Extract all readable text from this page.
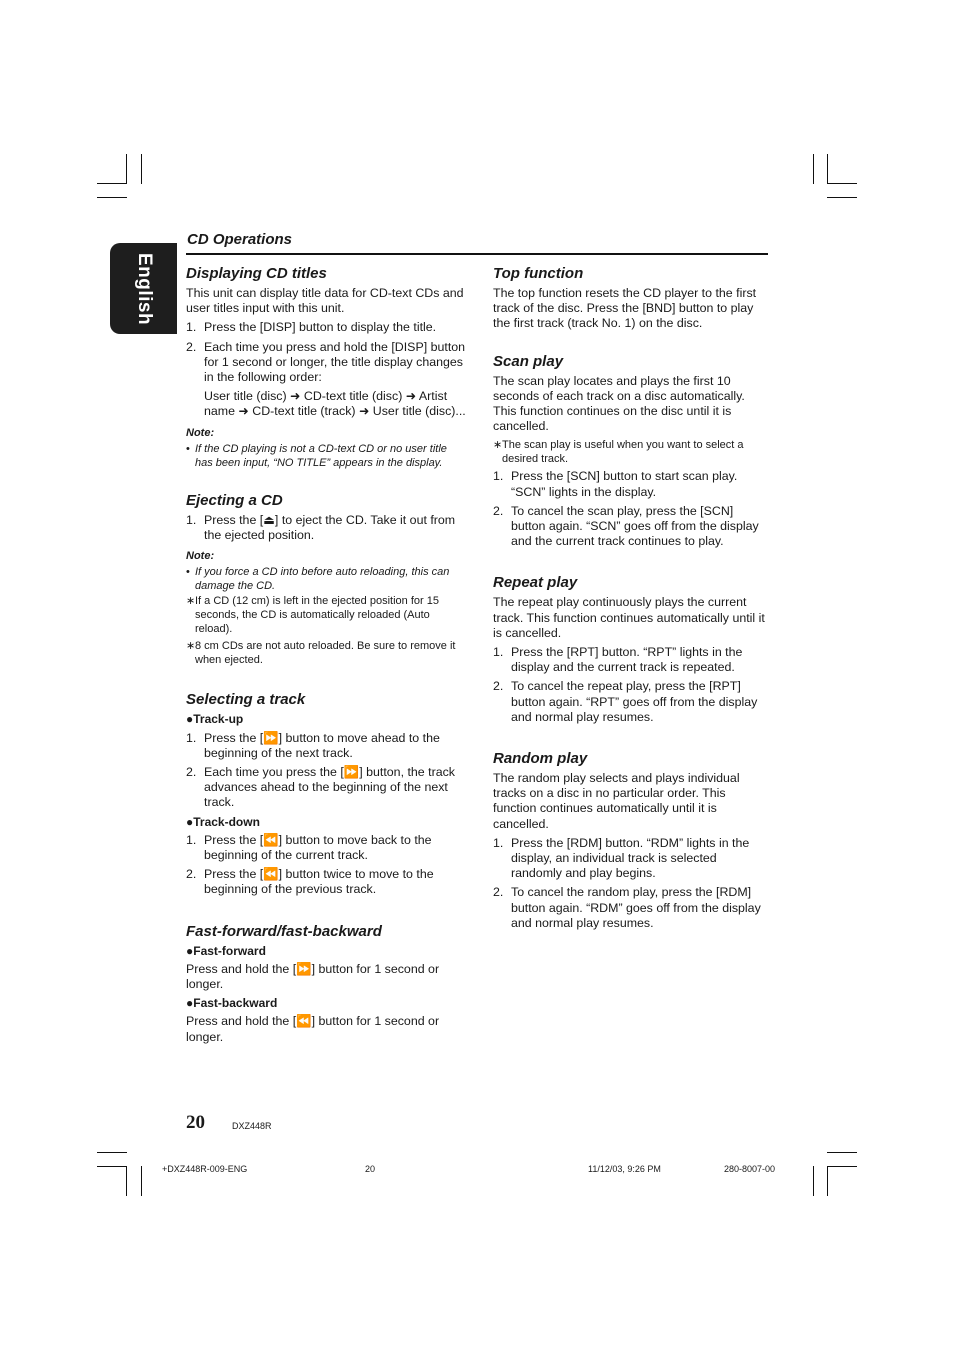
English
CD Operations
Displaying CD titles

This unit can display title data for CD-text CDs and user titles input with this unit.

1. Press the [DISP] button to display the title.
2. Each time you press and hold the [DISP] button for 1 second or longer, the title display changes in the following order:

User title (disc) ➜ CD-text title (disc) ➜ Artist name ➜ CD-text title (track) ➜ User title (disc)...

Note:
• If the CD playing is not a CD-text CD or no user title has been input, “NO TITLE” appears in the display.
Ejecting a CD
1. Press the [⏏] to eject the CD. Take it out from the ejected position.
Note:
• If you force a CD into before auto reloading, this can damage the CD.
∗ If a CD (12 cm) is left in the ejected position for 15 seconds, the CD is automatically reloaded (Auto reload).
∗ 8 cm CDs are not auto reloaded. Be sure to remove it when ejected.
Selecting a track
●Track-up
1. Press the [⏩] button to move ahead to the beginning of the next track.
2. Each time you press the [⏩] button, the track advances ahead to the beginning of the next track.
●Track-down
1. Press the [⏪] button to move back to the beginning of the current track.
2. Press the [⏪] button twice to move to the beginning of the previous track.
Fast-forward/fast-backward
●Fast-forward

Press and hold the [⏩] button for 1 second or longer.

●Fast-backward

Press and hold the [⏪] button for 1 second or longer.

Top function

The top function resets the CD player to the first track of the disc. Press the [BND] button to play the first track (track No. 1) on the disc.

Scan play

The scan play locates and plays the first 10 seconds of each track on a disc automatically. This function continues on the disc until it is cancelled.

∗ The scan play is useful when you want to select a desired track.
1. Press the [SCN] button to start scan play. “SCN” lights in the display.
2. To cancel the scan play, press the [SCN] button again. “SCN” goes off from the display and the current track continues to play.
Repeat play

The repeat play continuously plays the current track. This function continues automatically until it is cancelled.

1. Press the [RPT] button. “RPT” lights in the display and the current track is repeated.
2. To cancel the repeat play, press the [RPT] button again. “RPT” goes off from the display and normal play resumes.
Random play

The random play selects and plays individual tracks on a disc in no particular order. This function continues automatically until it is cancelled.

1. Press the [RDM] button. “RDM” lights in the display, an individual track is selected randomly and play begins.
2. To cancel the random play, press the [RDM] button again. “RDM” goes off from the display and normal play resumes.
20	DXZ448R
+DXZ448R-009-ENG	20	11/12/03, 9:26 PM	280-8007-00
